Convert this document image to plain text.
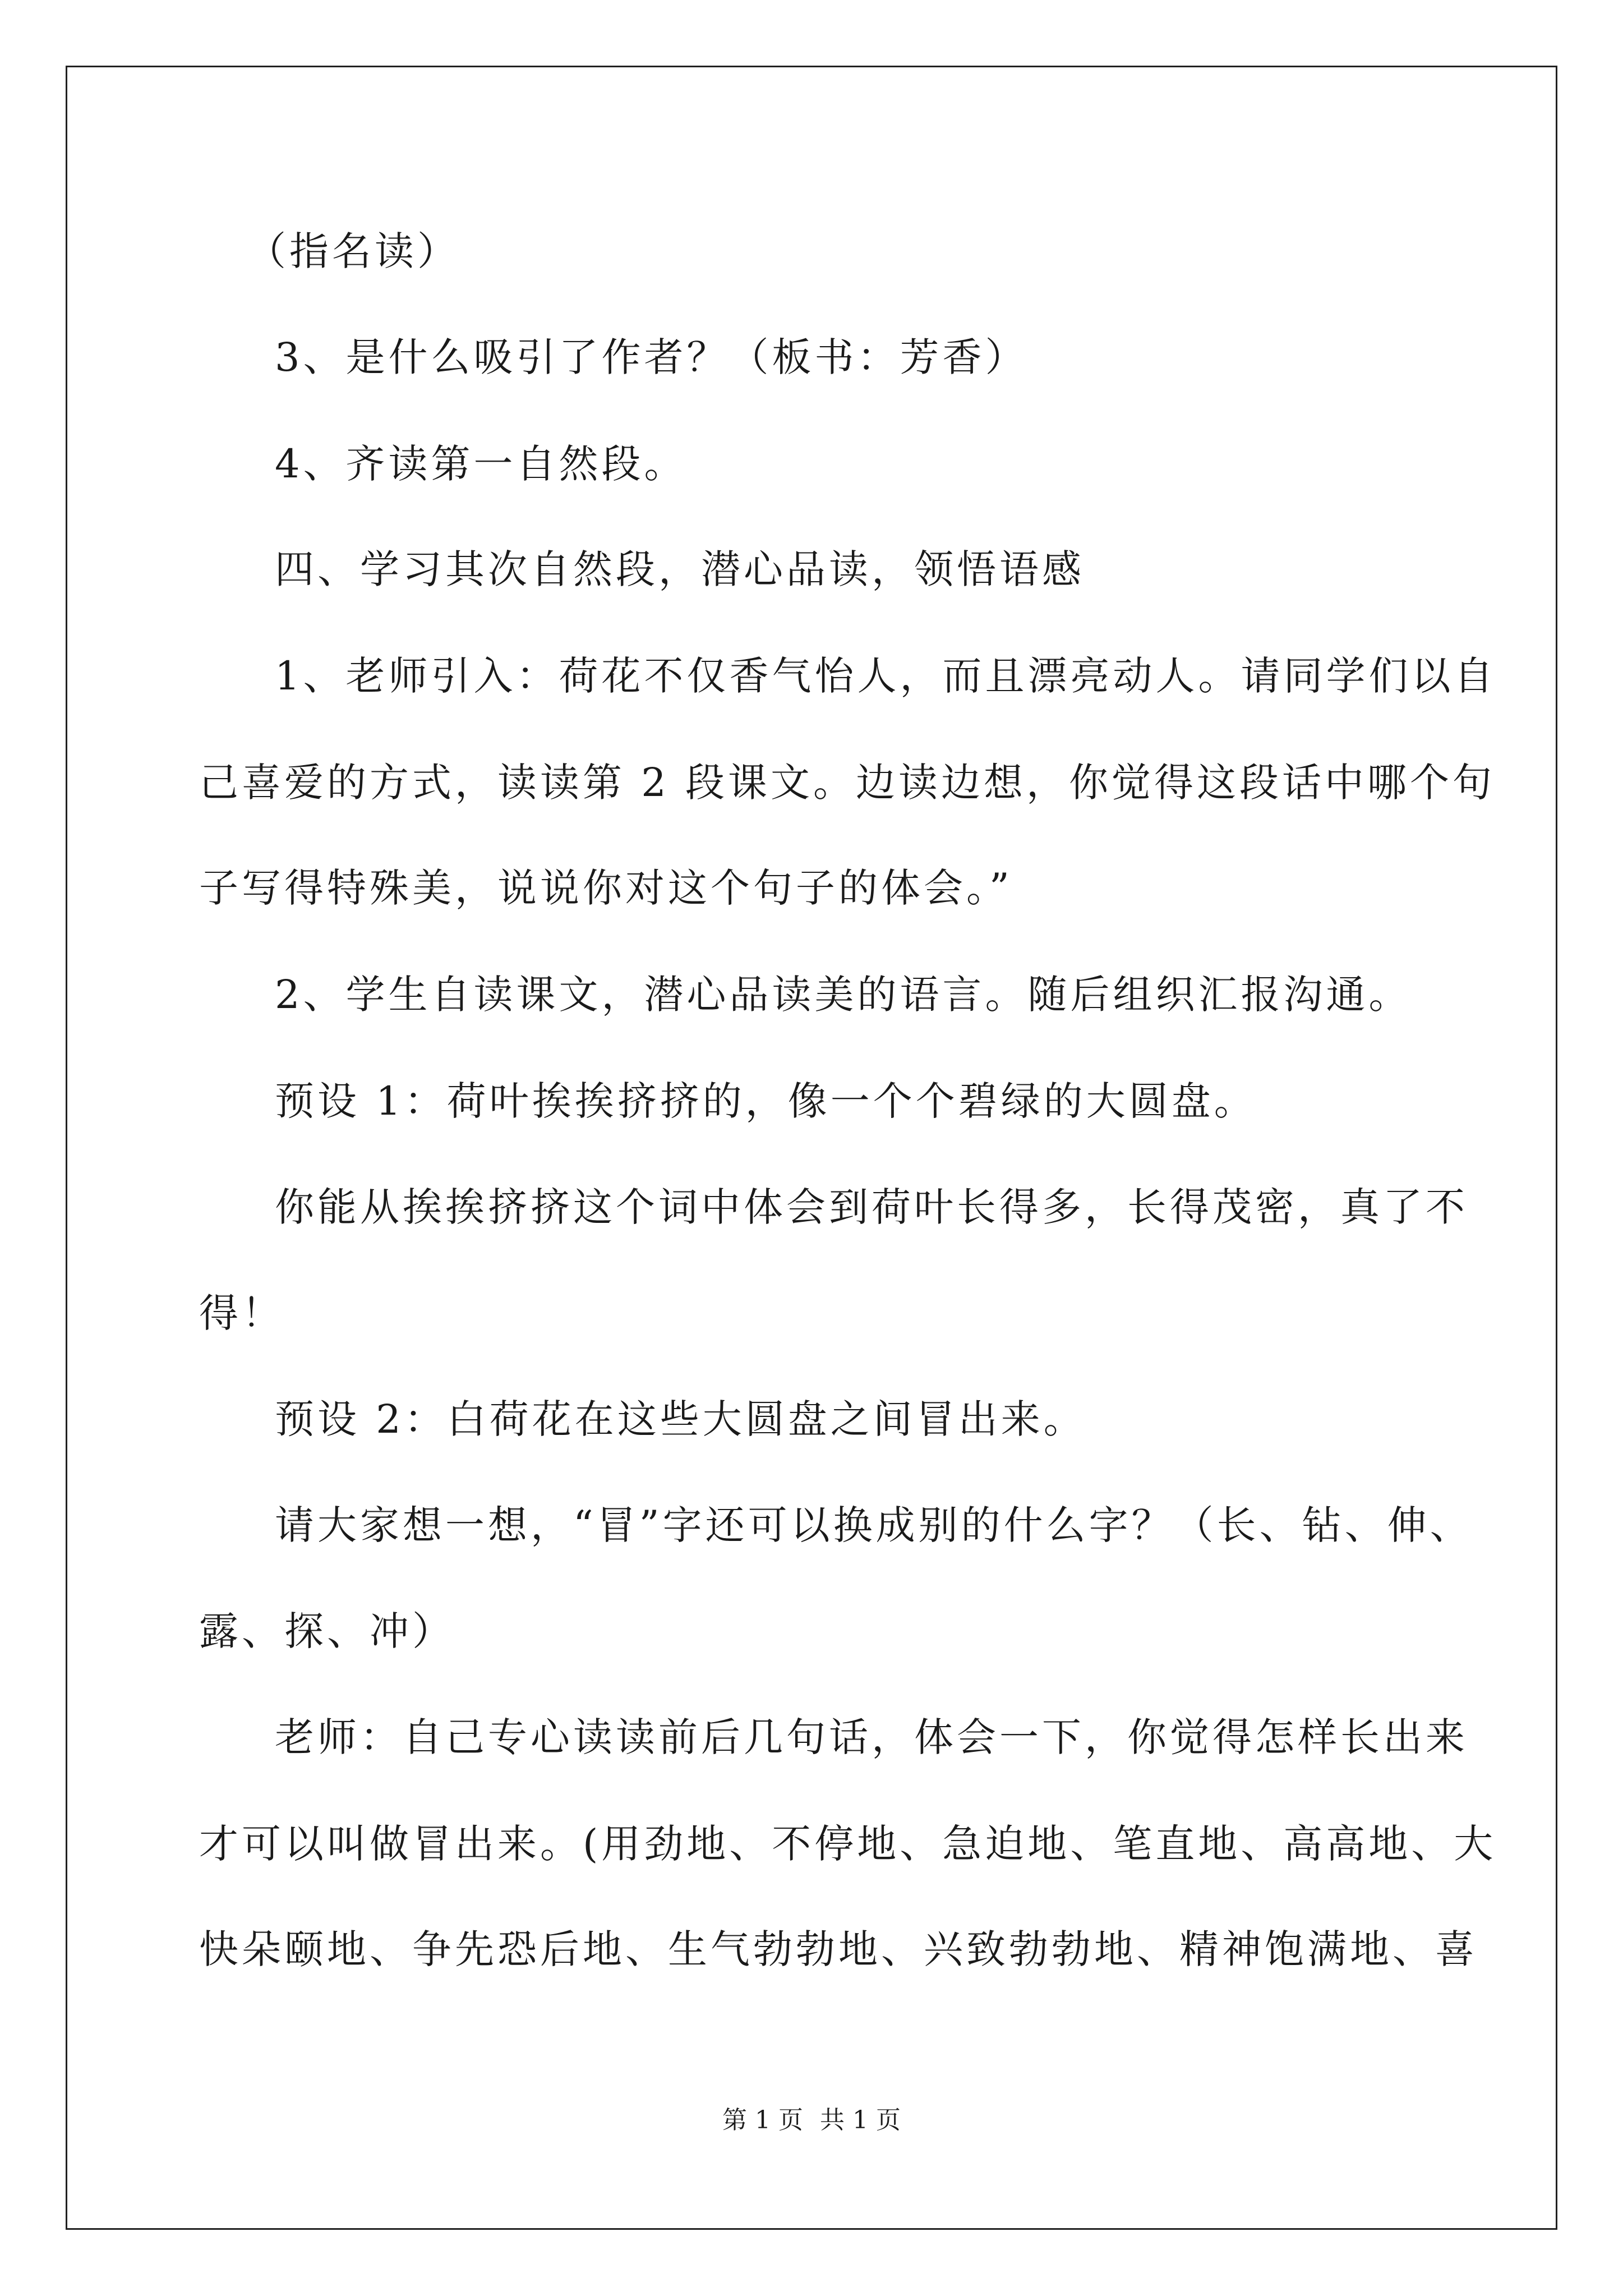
（指名读）
3、是什么吸引了作者？（板书：芳香）
4、齐读第一自然段。
四、学习其次自然段，潜心品读，领悟语感
1、老师引入：荷花不仅香气怡人，而且漂亮动人。请同学们以自
己喜爱的方式，读读第 2 段课文。边读边想，你觉得这段话中哪个句
子写得特殊美，说说你对这个句子的体会。”
2、学生自读课文，潜心品读美的语言。随后组织汇报沟通。
预设 1：荷叶挨挨挤挤的，像一个个碧绿的大圆盘。
你能从挨挨挤挤这个词中体会到荷叶长得多，长得茂密，真了不
得！
预设 2：白荷花在这些大圆盘之间冒出来。
请大家想一想，“冒”字还可以换成别的什么字？（长、钻、伸、
露、探、冲）
老师：自己专心读读前后几句话，体会一下，你觉得怎样长出来
才可以叫做冒出来。(用劲地、不停地、急迫地、笔直地、高高地、大
快朵颐地、争先恐后地、生气勃勃地、兴致勃勃地、精神饱满地、喜
第 1 页 共 1 页
